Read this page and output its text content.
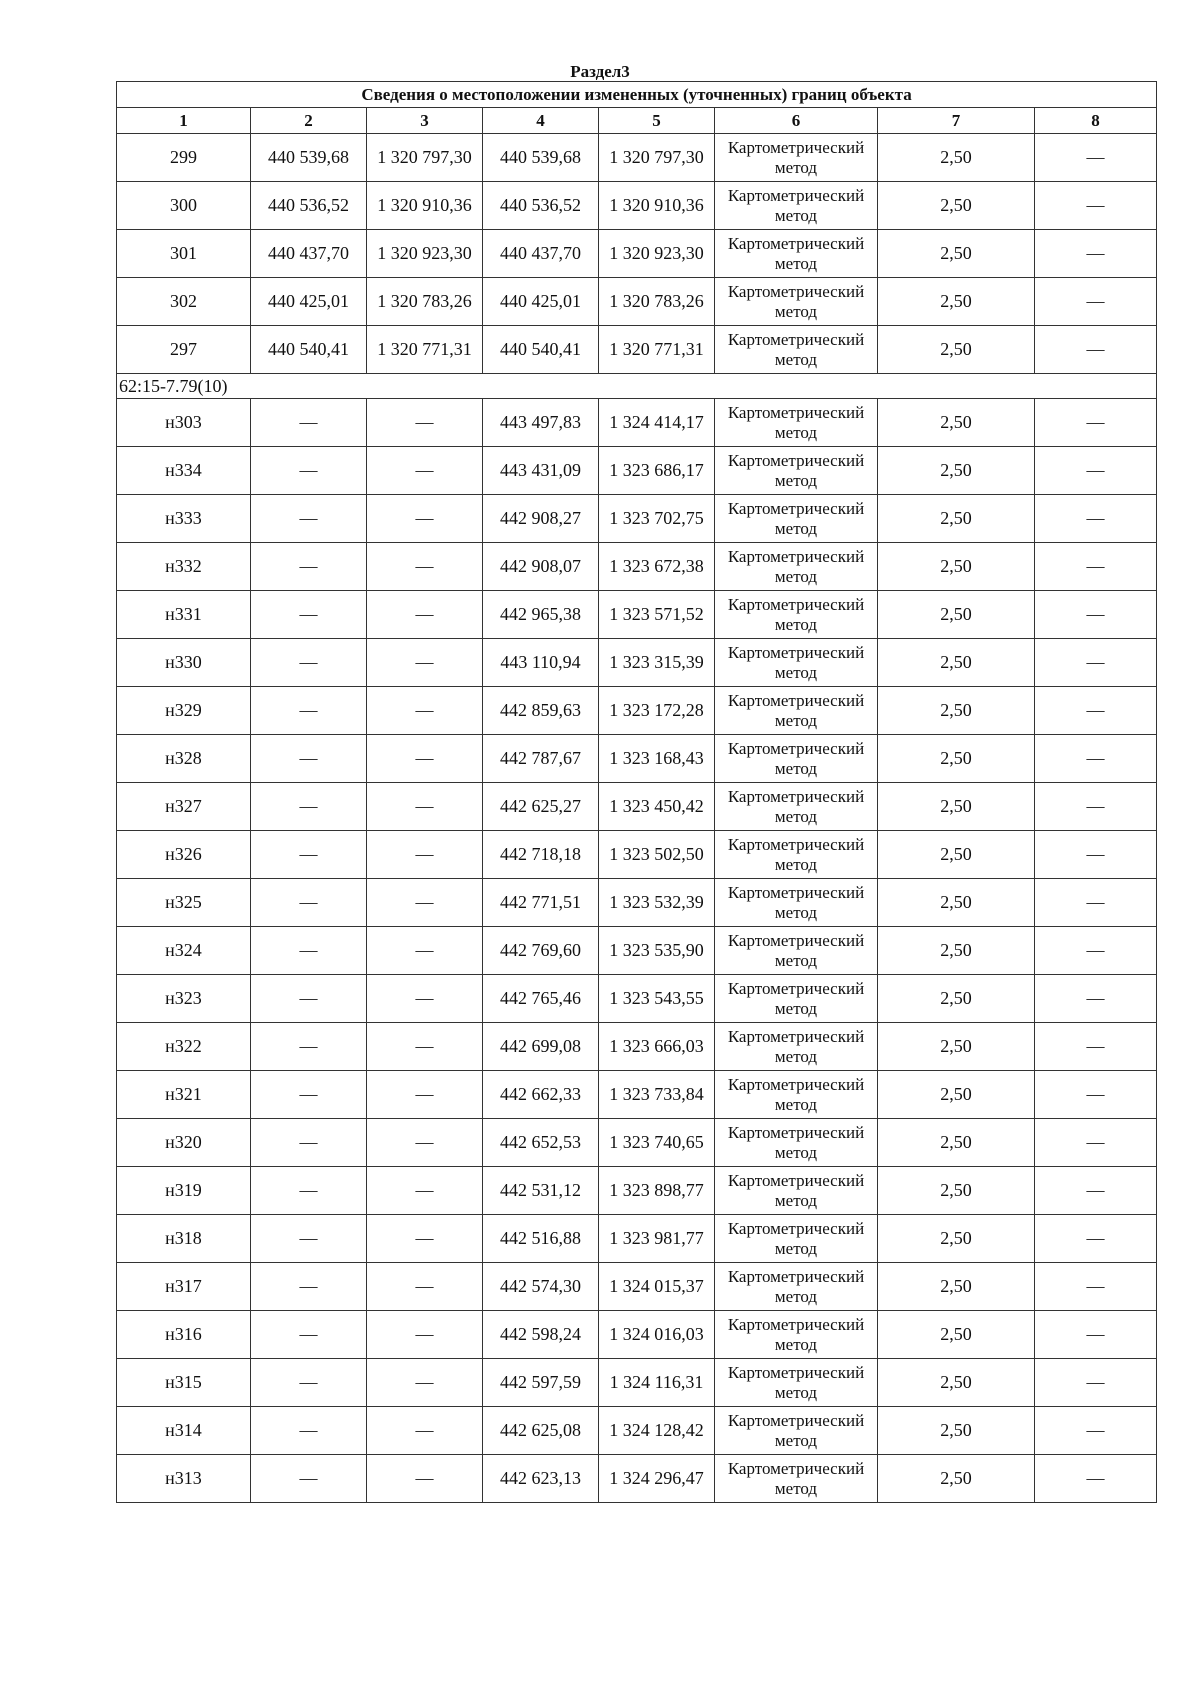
Раздел3
Сведения о местоположении измененных (уточненных) границ объекта							
1	2	3	4	5	6	7	8
299	440 539,68	1 320 797,30	440 539,68	1 320 797,30	Картометрический метод	2,50	—
300	440 536,52	1 320 910,36	440 536,52	1 320 910,36	Картометрический метод	2,50	—
301	440 437,70	1 320 923,30	440 437,70	1 320 923,30	Картометрический метод	2,50	—
302	440 425,01	1 320 783,26	440 425,01	1 320 783,26	Картометрический метод	2,50	—
297	440 540,41	1 320 771,31	440 540,41	1 320 771,31	Картометрический метод	2,50	—
62:15-7.79(10)							
н303	—	—	443 497,83	1 324 414,17	Картометрический метод	2,50	—
н334	—	—	443 431,09	1 323 686,17	Картометрический метод	2,50	—
н333	—	—	442 908,27	1 323 702,75	Картометрический метод	2,50	—
н332	—	—	442 908,07	1 323 672,38	Картометрический метод	2,50	—
н331	—	—	442 965,38	1 323 571,52	Картометрический метод	2,50	—
н330	—	—	443 110,94	1 323 315,39	Картометрический метод	2,50	—
н329	—	—	442 859,63	1 323 172,28	Картометрический метод	2,50	—
н328	—	—	442 787,67	1 323 168,43	Картометрический метод	2,50	—
н327	—	—	442 625,27	1 323 450,42	Картометрический метод	2,50	—
н326	—	—	442 718,18	1 323 502,50	Картометрический метод	2,50	—
н325	—	—	442 771,51	1 323 532,39	Картометрический метод	2,50	—
н324	—	—	442 769,60	1 323 535,90	Картометрический метод	2,50	—
н323	—	—	442 765,46	1 323 543,55	Картометрический метод	2,50	—
н322	—	—	442 699,08	1 323 666,03	Картометрический метод	2,50	—
н321	—	—	442 662,33	1 323 733,84	Картометрический метод	2,50	—
н320	—	—	442 652,53	1 323 740,65	Картометрический метод	2,50	—
н319	—	—	442 531,12	1 323 898,77	Картометрический метод	2,50	—
н318	—	—	442 516,88	1 323 981,77	Картометрический метод	2,50	—
н317	—	—	442 574,30	1 324 015,37	Картометрический метод	2,50	—
н316	—	—	442 598,24	1 324 016,03	Картометрический метод	2,50	—
н315	—	—	442 597,59	1 324 116,31	Картометрический метод	2,50	—
н314	—	—	442 625,08	1 324 128,42	Картометрический метод	2,50	—
н313	—	—	442 623,13	1 324 296,47	Картометрический метод	2,50	—
